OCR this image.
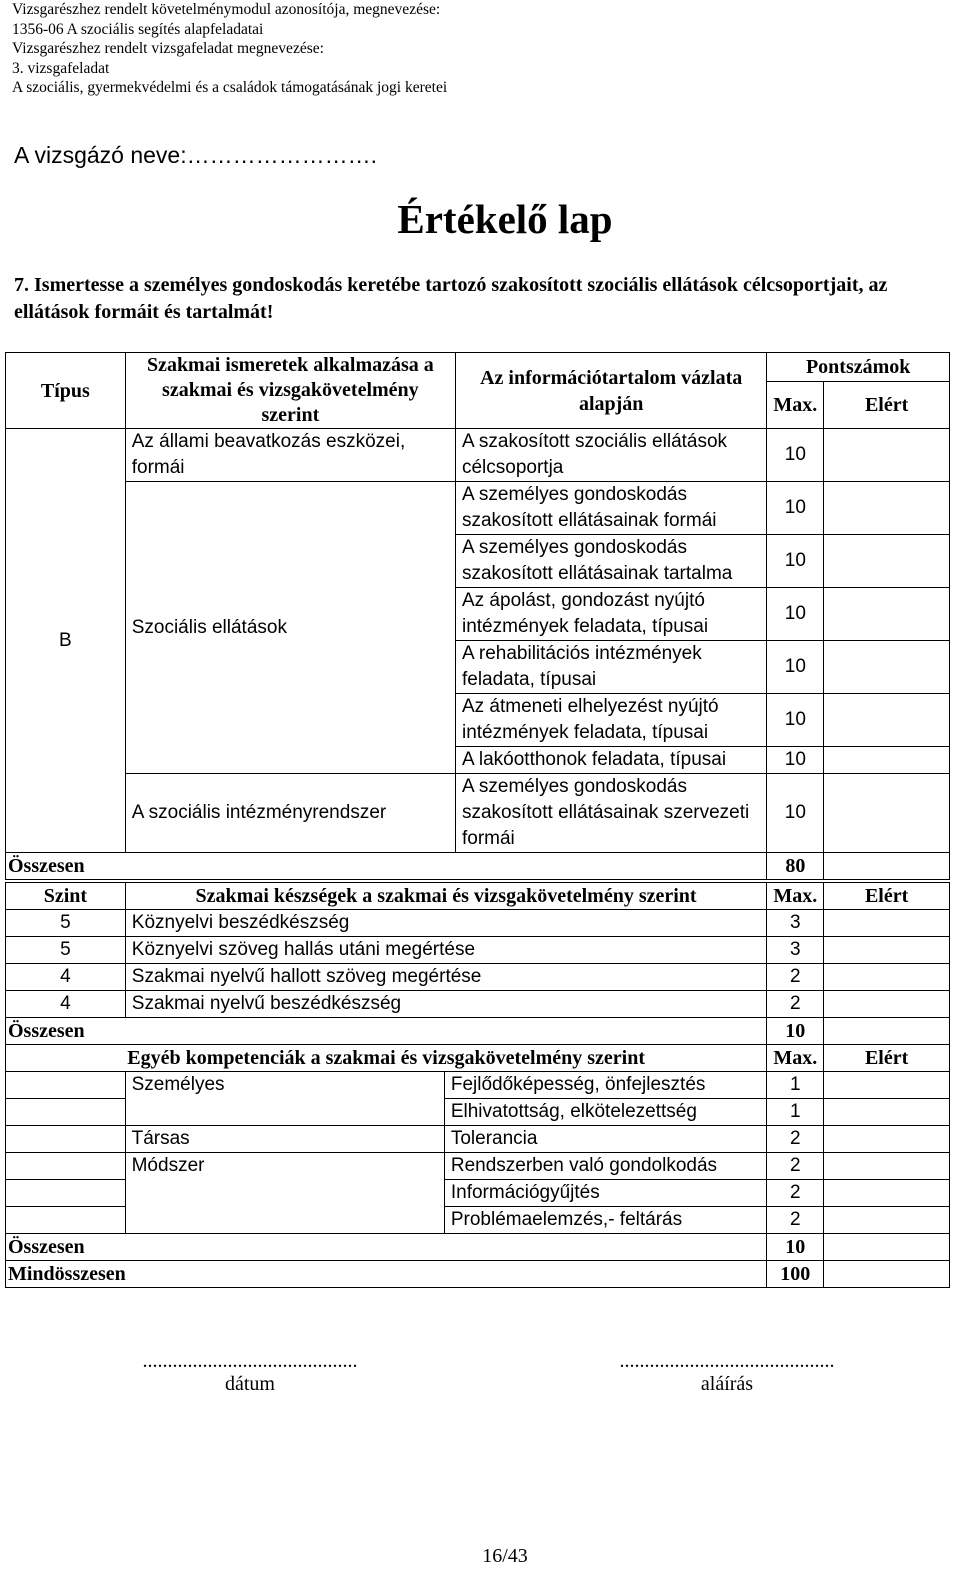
Vizsgarészhez rendelt követelménymodul azonosítója, megnevezése:
1356-06 A szociális segítés alapfeladatai
Vizsgarészhez rendelt vizsgafeladat megnevezése:
3. vizsgafeladat
A szociális, gyermekvédelmi és a családok támogatásának jogi keretei
A vizsgázó neve:…………………….
Értékelő lap
7. Ismertesse a személyes gondoskodás keretébe tartozó szakosított szociális ellátások célcsoportjait, az ellátások formáit és tartalmát!
Típus	Szakmai ismeretek alkalmazása a szakmai és vizsgakövetelmény szerint	Az információtartalom vázlata alapján	Pontszámok	
			Max.	Elért
B	Az állami beavatkozás eszközei, formái	A szakosított szociális ellátások célcsoportja	10	
	Szociális ellátások	A személyes gondoskodás szakosított ellátásainak formái	10	
		A személyes gondoskodás szakosított ellátásainak tartalma	10	
		Az ápolást, gondozást nyújtó intézmények feladata, típusai	10	
		A rehabilitációs intézmények feladata, típusai	10	
		Az átmeneti elhelyezést nyújtó intézmények feladata, típusai	10	
		A lakóotthonok feladata, típusai	10	
	A szociális intézményrendszer	A személyes gondoskodás szakosított ellátásainak szervezeti formái	10	
Összesen			80	
Szint	Szakmai készségek a szakmai és vizsgakövetelmény szerint	Max.	Elért
5	Köznyelvi beszédkészség	3	
5	Köznyelvi szöveg hallás utáni megértése	3	
4	Szakmai nyelvű hallott szöveg megértése	2	
4	Szakmai nyelvű beszédkészség	2	
Összesen		10	
Egyéb kompetenciák a szakmai és vizsgakövetelmény szerint			Max.	Elért
	Személyes	Fejlődőképesség, önfejlesztés	1	
		Elhivatottság, elkötelezettség	1	
	Társas	Tolerancia	2	
	Módszer	Rendszerben való gondolkodás	2	
		Információgyűjtés	2	
		Problémaelemzés,- feltárás	2	
Összesen			10	
Mindösszesen			100	
...........................................
dátum
...........................................
aláírás
16/43
